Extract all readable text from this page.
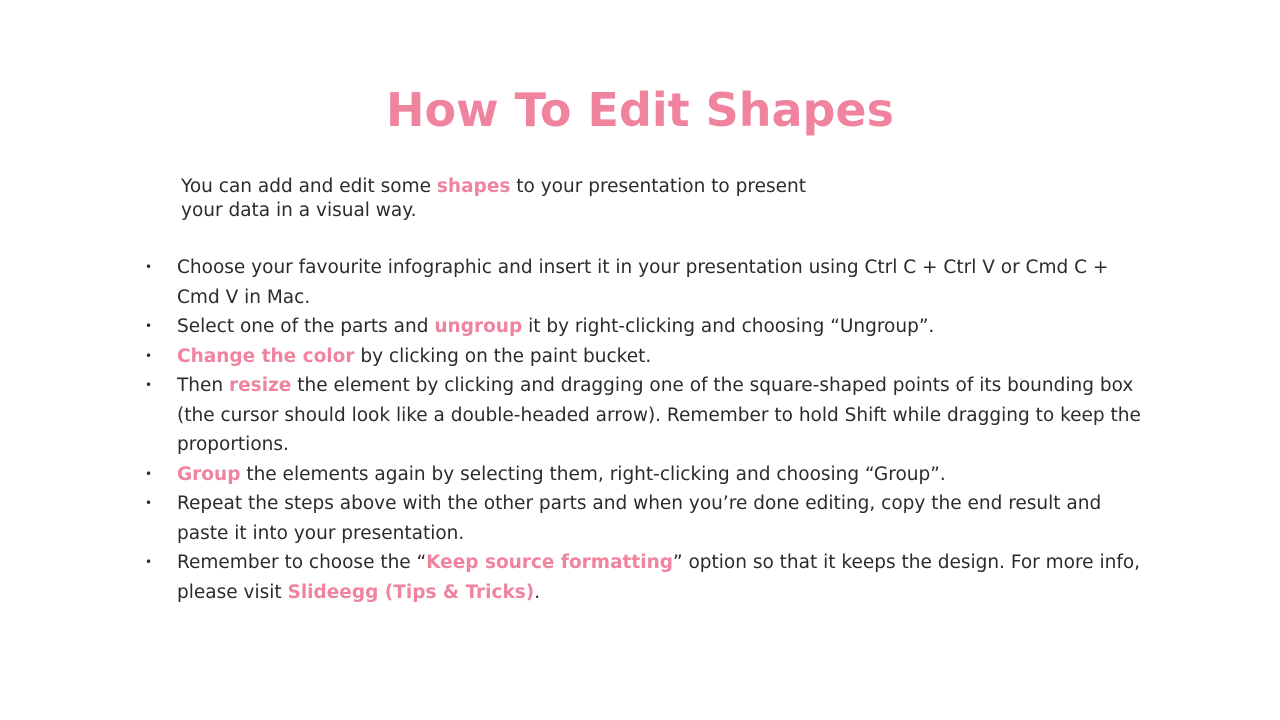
How To Edit Shapes

You can add and edit some shapes to your presentation to present your data in a visual way.

•	Choose your favourite infographic and insert it in your presentation using Ctrl C + Ctrl V or Cmd C + Cmd V in Mac.
•	Select one of the parts and ungroup it by right-clicking and choosing “Ungroup”.
•	Change the color by clicking on the paint bucket.
•	Then resize the element by clicking and dragging one of the square-shaped points of its bounding box (the cursor should look like a double-headed arrow). Remember to hold Shift while dragging to keep the proportions.
•	Group the elements again by selecting them, right-clicking and choosing “Group”.
•	Repeat the steps above with the other parts and when you’re done editing, copy the end result and paste it into your presentation.
•	Remember to choose the “Keep source formatting” option so that it keeps the design. For more info, please visit Slideegg (Tips & Tricks).
